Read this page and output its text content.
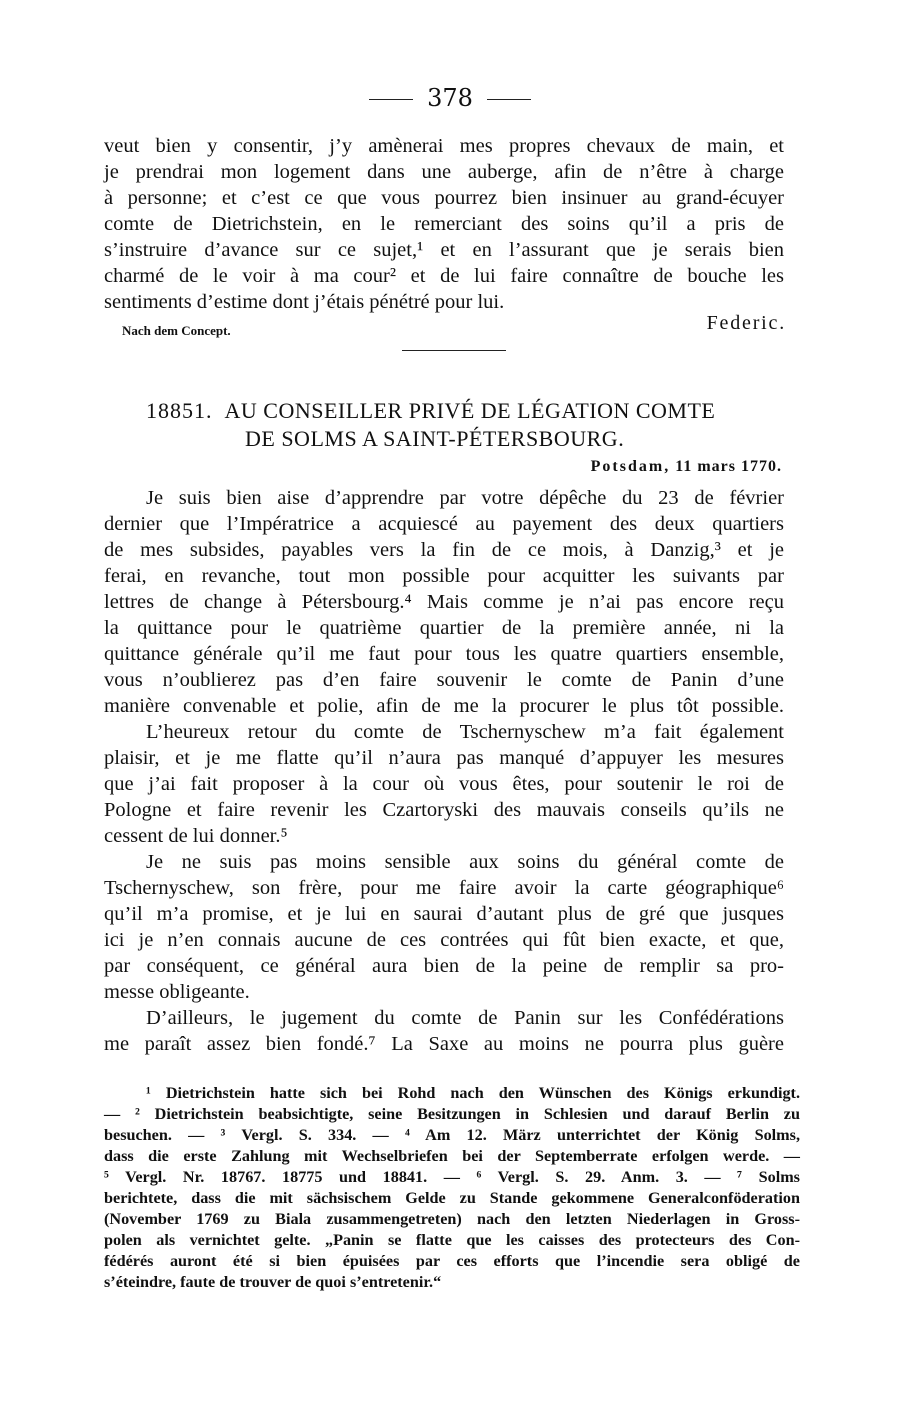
378
veut bien y consentir, j’y amènerai mes propres chevaux de main, et
je prendrai mon logement dans une auberge, afin de n’être à charge
à personne; et c’est ce que vous pourrez bien insinuer au grand-écuyer
comte de Dietrichstein, en le remerciant des soins qu’il a pris de
s’instruire d’avance sur ce sujet,¹ et en l’assurant que je serais bien
charmé de le voir à ma cour² et de lui faire connaître de bouche les
sentiments d’estime dont j’étais pénétré pour lui.
Nach dem Concept.	Federic.
18851. AU CONSEILLER PRIVÉ DE LÉGATION COMTE
DE SOLMS A SAINT-PÉTERSBOURG.
Potsdam, 11 mars 1770.
Je suis bien aise d’apprendre par votre dépêche du 23 de février
dernier que l’Impératrice a acquiescé au payement des deux quartiers
de mes subsides, payables vers la fin de ce mois, à Danzig,³ et je
ferai, en revanche, tout mon possible pour acquitter les suivants par
lettres de change à Pétersbourg.⁴ Mais comme je n’ai pas encore reçu
la quittance pour le quatrième quartier de la première année, ni la
quittance générale qu’il me faut pour tous les quatre quartiers ensemble,
vous n’oublierez pas d’en faire souvenir le comte de Panin d’une
manière convenable et polie, afin de me la procurer le plus tôt possible.
L’heureux retour du comte de Tschernyschew m’a fait également
plaisir, et je me flatte qu’il n’aura pas manqué d’appuyer les mesures
que j’ai fait proposer à la cour où vous êtes, pour soutenir le roi de
Pologne et faire revenir les Czartoryski des mauvais conseils qu’ils ne
cessent de lui donner.⁵
Je ne suis pas moins sensible aux soins du général comte de
Tschernyschew, son frère, pour me faire avoir la carte géographique⁶
qu’il m’a promise, et je lui en saurai d’autant plus de gré que jusques
ici je n’en connais aucune de ces contrées qui fût bien exacte, et que,
par conséquent, ce général aura bien de la peine de remplir sa pro-
messe obligeante.
D’ailleurs, le jugement du comte de Panin sur les Confédérations
me paraît assez bien fondé.⁷ La Saxe au moins ne pourra plus guère
¹ Dietrichstein hatte sich bei Rohd nach den Wünschen des Königs erkundigt.
— ² Dietrichstein beabsichtigte, seine Besitzungen in Schlesien und darauf Berlin zu
besuchen. — ³ Vergl. S. 334. — ⁴ Am 12. März unterrichtet der König Solms,
dass die erste Zahlung mit Wechselbriefen bei der Septemberrate erfolgen werde. —
⁵ Vergl. Nr. 18767. 18775 und 18841. — ⁶ Vergl. S. 29. Anm. 3. — ⁷ Solms
berichtete, dass die mit sächsischem Gelde zu Stande gekommene Generalconföderation
(November 1769 zu Biala zusammengetreten) nach den letzten Niederlagen in Gross-
polen als vernichtet gelte. „Panin se flatte que les caisses des protecteurs des Con-
fédérés auront été si bien épuisées par ces efforts que l’incendie sera obligé de
s’éteindre, faute de trouver de quoi s’entretenir.“
